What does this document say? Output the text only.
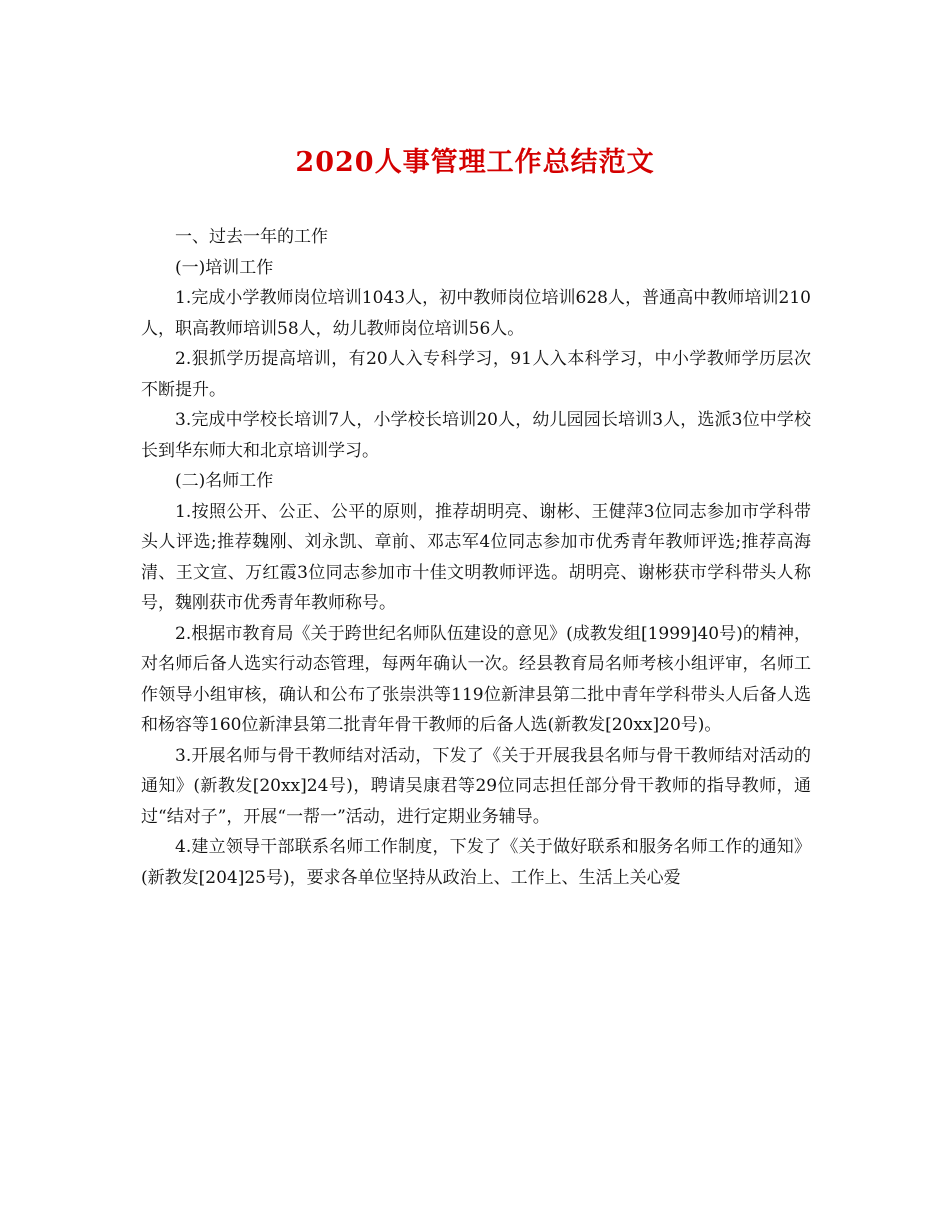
2020人事管理工作总结范文

一、过去一年的工作

(一)培训工作

1.完成小学教师岗位培训1043人，初中教师岗位培训628人，普通高中教师培训210人，职高教师培训58人，幼儿教师岗位培训56人。

2.狠抓学历提高培训，有20人入专科学习，91人入本科学习，中小学教师学历层次不断提升。

3.完成中学校长培训7人，小学校长培训20人，幼儿园园长培训3人，选派3位中学校长到华东师大和北京培训学习。

(二)名师工作

1.按照公开、公正、公平的原则，推荐胡明亮、谢彬、王健萍3位同志参加市学科带头人评选;推荐魏刚、刘永凯、章前、邓志军4位同志参加市优秀青年教师评选;推荐高海清、王文宣、万红霞3位同志参加市十佳文明教师评选。胡明亮、谢彬获市学科带头人称号，魏刚获市优秀青年教师称号。

2.根据市教育局《关于跨世纪名师队伍建设的意见》(成教发组[1999]40号)的精神，对名师后备人选实行动态管理，每两年确认一次。经县教育局名师考核小组评审，名师工作领导小组审核，确认和公布了张崇洪等119位新津县第二批中青年学科带头人后备人选和杨容等160位新津县第二批青年骨干教师的后备人选(新教发[20xx]20号)。

3.开展名师与骨干教师结对活动，下发了《关于开展我县名师与骨干教师结对活动的通知》(新教发[20xx]24号)，聘请吴康君等29位同志担任部分骨干教师的指导教师，通过“结对子”，开展“一帮一”活动，进行定期业务辅导。

4.建立领导干部联系名师工作制度，下发了《关于做好联系和服务名师工作的通知》(新教发[204]25号)，要求各单位坚持从政治上、工作上、生活上关心爱
